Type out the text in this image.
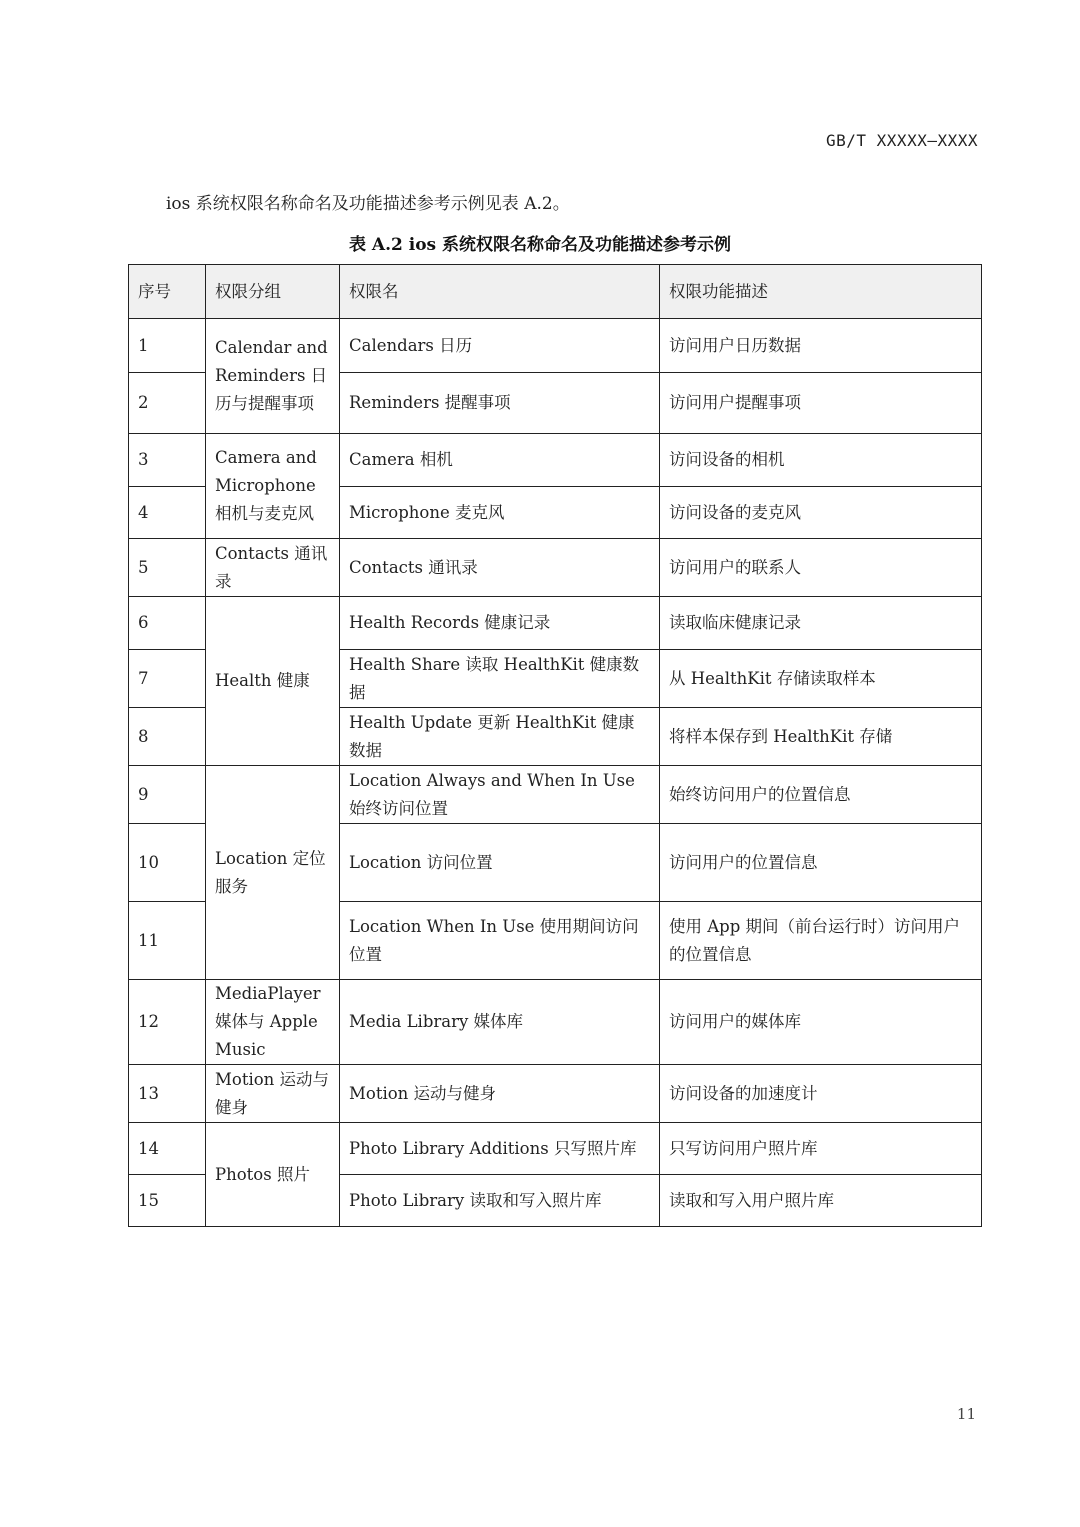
GB/T XXXXX—XXXX
ios 系统权限名称命名及功能描述参考示例见表 A.2。
表 A.2 ios 系统权限名称命名及功能描述参考示例
序号	权限分组	权限名	权限功能描述
1	Calendar and Reminders 日历与提醒事项	Calendars 日历	访问用户日历数据
2		Reminders 提醒事项	访问用户提醒事项
3	Camera and Microphone 相机与麦克风	Camera 相机	访问设备的相机
4		Microphone 麦克风	访问设备的麦克风
5	Contacts 通讯录	Contacts 通讯录	访问用户的联系人
6	Health 健康	Health Records 健康记录	读取临床健康记录
7		Health Share 读取 HealthKit 健康数据	从 HealthKit 存储读取样本
8		Health Update 更新 HealthKit 健康数据	将样本保存到 HealthKit 存储
9	Location 定位服务	Location Always and When In Use 始终访问位置	始终访问用户的位置信息
10		Location 访问位置	访问用户的位置信息
11		Location When In Use 使用期间访问位置	使用 App 期间（前台运行时）访问用户的位置信息
12	MediaPlayer 媒体与 Apple Music	Media Library 媒体库	访问用户的媒体库
13	Motion 运动与健身	Motion 运动与健身	访问设备的加速度计
14	Photos 照片	Photo Library Additions 只写照片库	只写访问用户照片库
15		Photo Library 读取和写入照片库	读取和写入用户照片库
11
